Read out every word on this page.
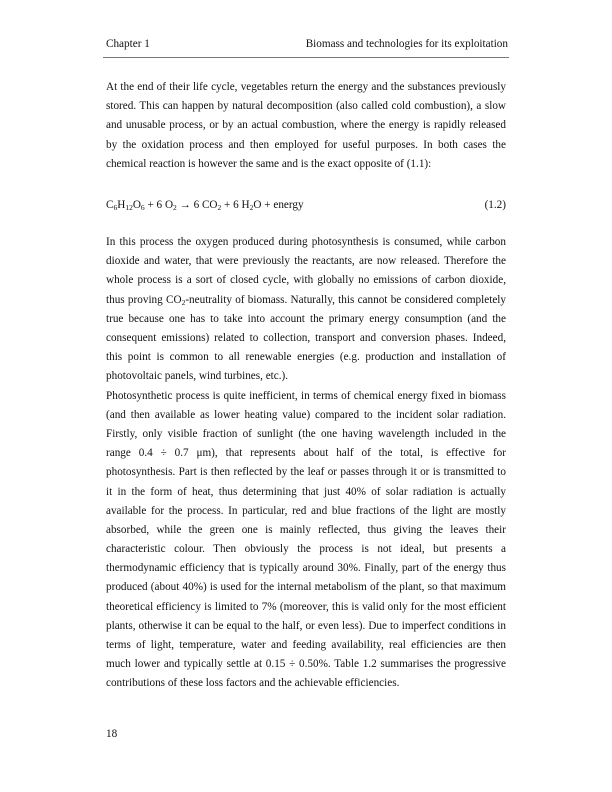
Chapter 1	Biomass and technologies for its exploitation
At the end of their life cycle, vegetables return the energy and the substances previously
stored. This can happen by natural decomposition (also called cold combustion), a slow
and unusable process, or by an actual combustion, where the energy is rapidly released
by the oxidation process and then employed for useful purposes. In both cases the
chemical reaction is however the same and is the exact opposite of (1.1):
$C_6H_{12}O_6 + 6$ $O_2 \to 6$ $CO_2 + 6$ $H_2O$ + energy	(1.2)
In this process the oxygen produced during photosynthesis is consumed, while carbon
dioxide and water, that were previously the reactants, are now released. Therefore the
whole process is a sort of closed cycle, with globally no emissions of carbon dioxide,
thus proving $CO_2$-neutrality of biomass. Naturally, this cannot be considered completely
true because one has to take into account the primary energy consumption (and the
consequent emissions) related to collection, transport and conversion phases. Indeed,
this point is common to all renewable energies (e.g. production and installation of
photovoltaic panels, wind turbines, etc.).
Photosynthetic process is quite inefficient, in terms of chemical energy fixed in biomass
(and then available as lower heating value) compared to the incident solar radiation.
Firstly, only visible fraction of sunlight (the one having wavelength included in the
range 0.4 ÷ 0.7 μm), that represents about half of the total, is effective for
photosynthesis. Part is then reflected by the leaf or passes through it or is transmitted to
it in the form of heat, thus determining that just 40% of solar radiation is actually
available for the process. In particular, red and blue fractions of the light are mostly
absorbed, while the green one is mainly reflected, thus giving the leaves their
characteristic colour. Then obviously the process is not ideal, but presents a
thermodynamic efficiency that is typically around 30%. Finally, part of the energy thus
produced (about 40%) is used for the internal metabolism of the plant, so that maximum
theoretical efficiency is limited to 7% (moreover, this is valid only for the most efficient
plants, otherwise it can be equal to the half, or even less). Due to imperfect conditions in
terms of light, temperature, water and feeding availability, real efficiencies are then
much lower and typically settle at 0.15 ÷ 0.50%. Table 1.2 summarises the progressive
contributions of these loss factors and the achievable efficiencies.
18
